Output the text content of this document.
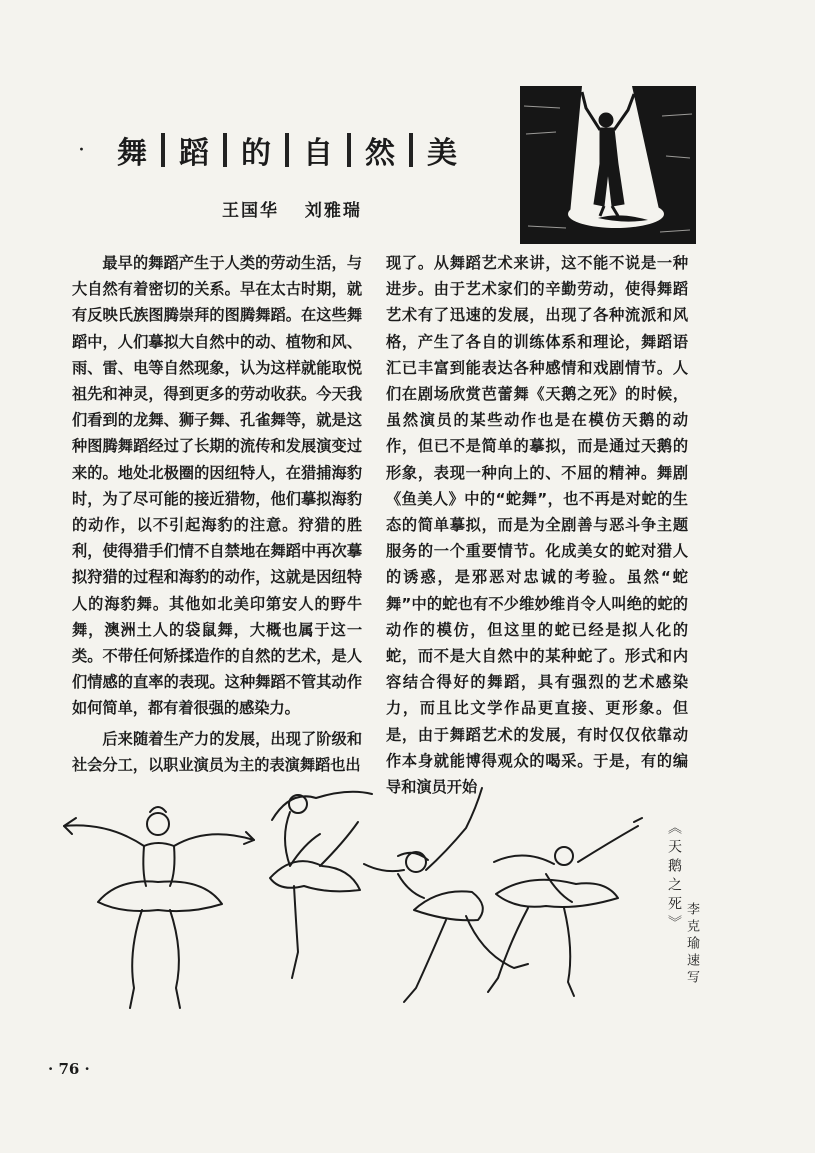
·	舞	蹈	的	自	然	美
王国华 刘雅瑞

最早的舞蹈产生于人类的劳动生活，与大自然有着密切的关系。早在太古时期，就有反映氏族图腾崇拜的图腾舞蹈。在这些舞蹈中，人们摹拟大自然中的动、植物和风、雨、雷、电等自然现象，认为这样就能取悦祖先和神灵，得到更多的劳动收获。今天我们看到的龙舞、狮子舞、孔雀舞等，就是这种图腾舞蹈经过了长期的流传和发展演变过来的。地处北极圈的因纽特人，在猎捕海豹时，为了尽可能的接近猎物，他们摹拟海豹的动作，以不引起海豹的注意。狩猎的胜利，使得猎手们情不自禁地在舞蹈中再次摹拟狩猎的过程和海豹的动作，这就是因纽特人的海豹舞。其他如北美印第安人的野牛舞，澳洲土人的袋鼠舞，大概也属于这一类。不带任何矫揉造作的自然的艺术，是人们情感的直率的表现。这种舞蹈不管其动作如何简单，都有着很强的感染力。

后来随着生产力的发展，出现了阶级和社会分工，以职业演员为主的表演舞蹈也出

现了。从舞蹈艺术来讲，这不能不说是一种进步。由于艺术家们的辛勤劳动，使得舞蹈艺术有了迅速的发展，出现了各种流派和风格，产生了各自的训练体系和理论，舞蹈语汇已丰富到能表达各种感情和戏剧情节。人们在剧场欣赏芭蕾舞《天鹅之死》的时候，虽然演员的某些动作也是在模仿天鹅的动作，但已不是简单的摹拟，而是通过天鹅的形象，表现一种向上的、不屈的精神。舞剧《鱼美人》中的“蛇舞”，也不再是对蛇的生态的简单摹拟，而是为全剧善与恶斗争主题服务的一个重要情节。化成美女的蛇对猎人的诱惑，是邪恶对忠诚的考验。虽然“蛇舞”中的蛇也有不少维妙维肖令人叫绝的蛇的动作的模仿，但这里的蛇已经是拟人化的蛇，而不是大自然中的某种蛇了。形式和内容结合得好的舞蹈，具有强烈的艺术感染力，而且比文学作品更直接、更形象。但是，由于舞蹈艺术的发展，有时仅仅依靠动作本身就能博得观众的喝采。于是，有的编导和演员开始

《天鹅之死》
李克瑜速写
· 76 ·
